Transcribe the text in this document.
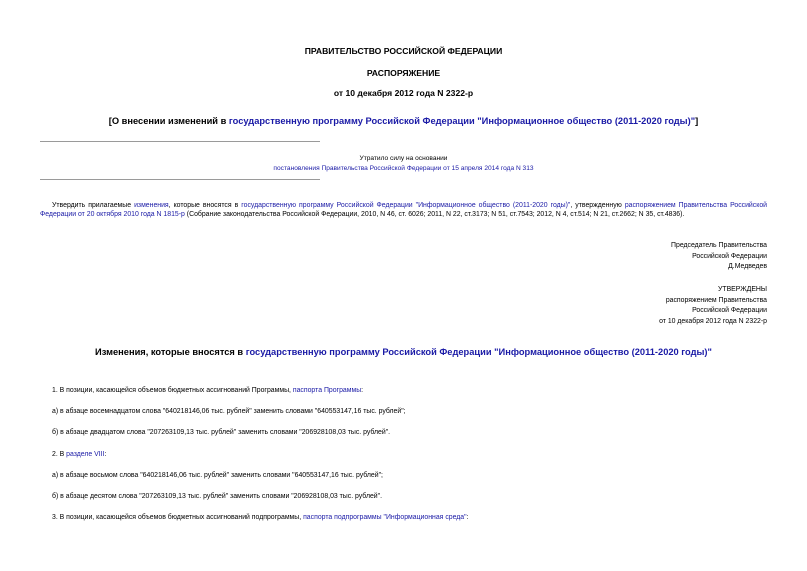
ПРАВИТЕЛЬСТВО РОССИЙСКОЙ ФЕДЕРАЦИИ
РАСПОРЯЖЕНИЕ
от 10 декабря 2012 года N 2322-р
[О внесении изменений в государственную программу Российской Федерации "Информационное общество (2011-2020 годы)"]
Утратило силу на основании
постановления Правительства Российской Федерации от 15 апреля 2014 года N 313
Утвердить прилагаемые изменения, которые вносятся в государственную программу Российской Федерации "Информационное общество (2011-2020 годы)", утвержденную распоряжением Правительства Российской Федерации от 20 октября 2010 года N 1815-р (Собрание законодательства Российской Федерации, 2010, N 46, ст. 6026; 2011, N 22, ст.3173; N 51, ст.7543; 2012, N 4, ст.514; N 21, ст.2662; N 35, ст.4836).
Председатель Правительства
Российской Федерации
Д.Медведев
УТВЕРЖДЕНЫ
распоряжением Правительства
Российской Федерации
от 10 декабря 2012 года N 2322-р
Изменения, которые вносятся в государственную программу Российской Федерации "Информационное общество (2011-2020 годы)"
1. В позиции, касающейся объемов бюджетных ассигнований Программы, паспорта Программы:
а) в абзаце восемнадцатом слова "640218146,06 тыс. рублей" заменить словами "640553147,16 тыс. рублей";
б) в абзаце двадцатом слова "207263109,13 тыс. рублей" заменить словами "206928108,03 тыс. рублей".
2. В разделе VIII:
а) в абзаце восьмом слова "640218146,06 тыс. рублей" заменить словами "640553147,16 тыс. рублей";
б) в абзаце десятом слова "207263109,13 тыс. рублей" заменить словами "206928108,03 тыс. рублей".
3. В позиции, касающейся объемов бюджетных ассигнований подпрограммы, паспорта подпрограммы "Информационная среда":
